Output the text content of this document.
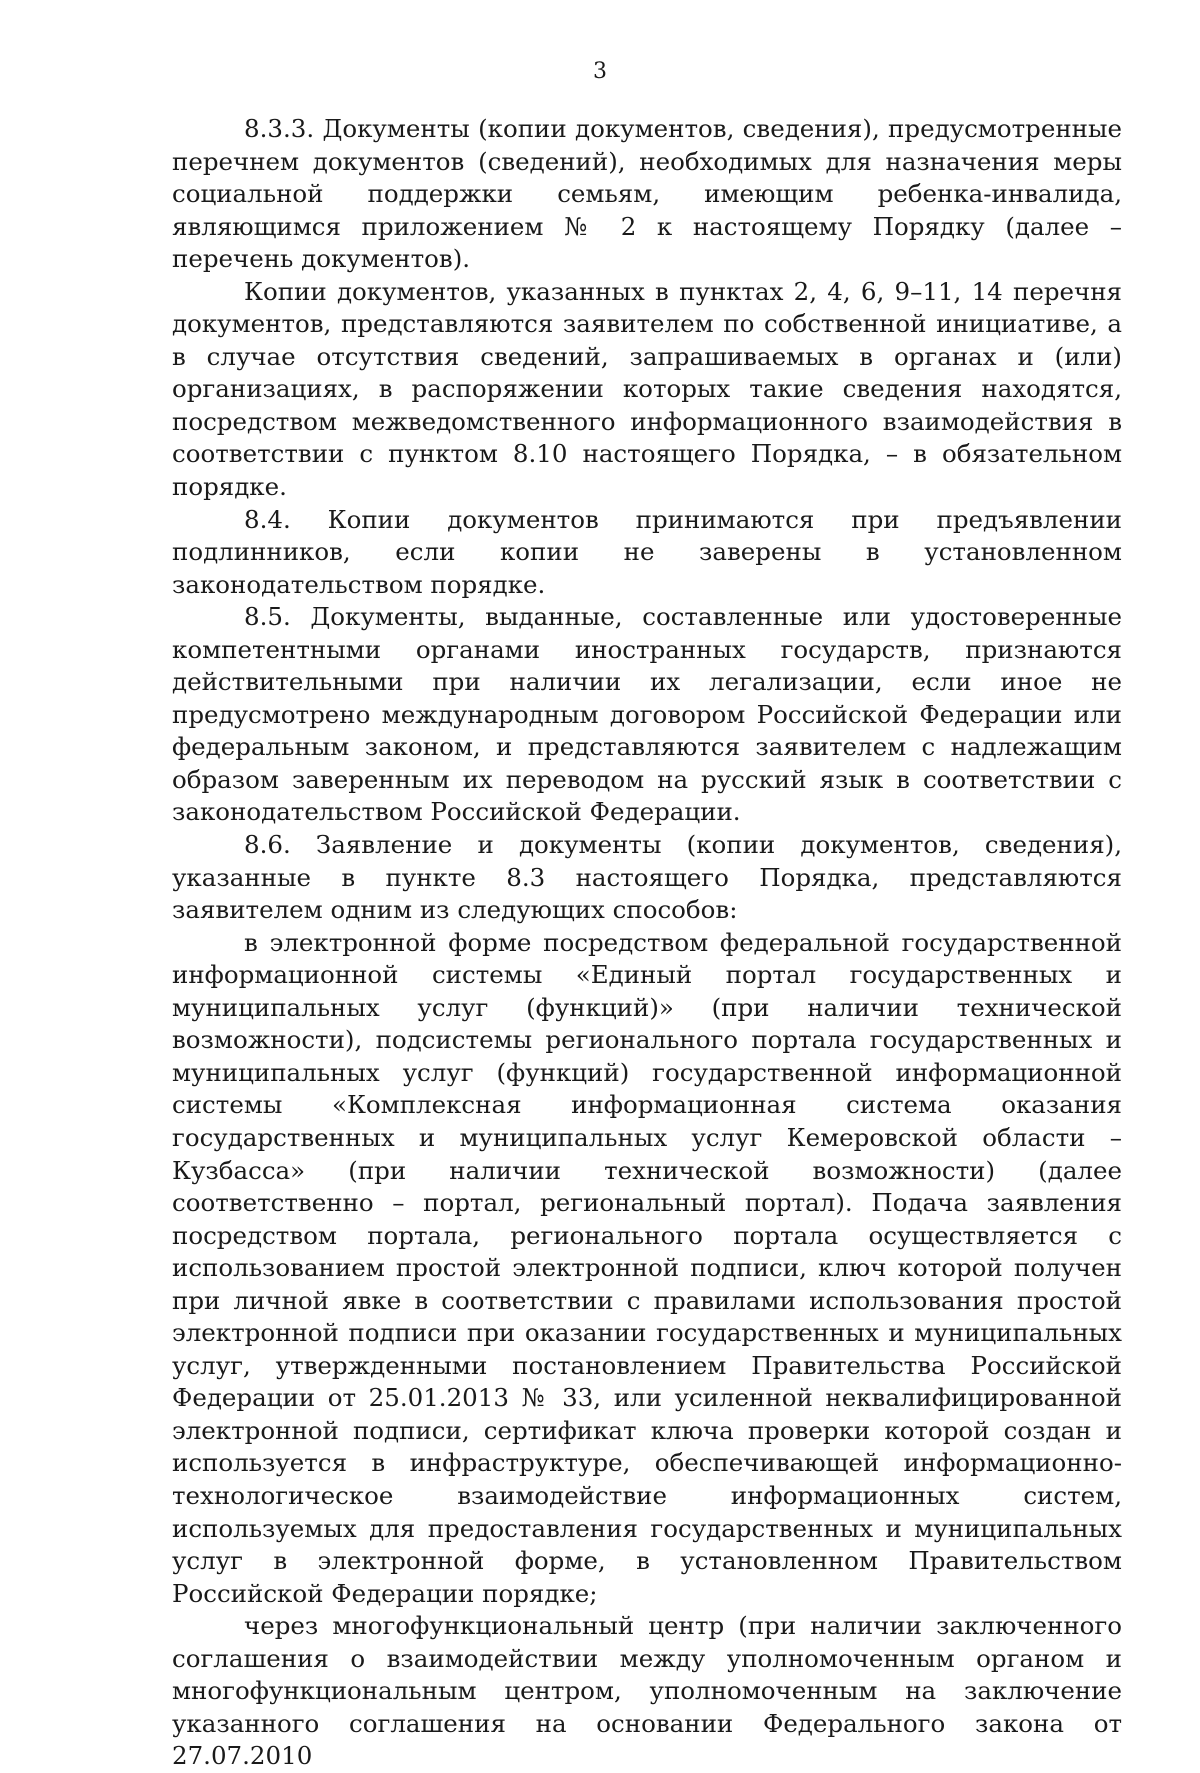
3

8.3.3. Документы (копии документов, сведения), предусмотренные перечнем документов (сведений), необходимых для назначения меры социальной поддержки семьям, имеющим ребенка-инвалида, являющимся приложением № 2 к настоящему Порядку (далее – перечень документов).

Копии документов, указанных в пунктах 2, 4, 6, 9–11, 14 перечня документов, представляются заявителем по собственной инициативе, а в случае отсутствия сведений, запрашиваемых в органах и (или) организациях, в распоряжении которых такие сведения находятся, посредством межведомственного информационного взаимодействия в соответствии с пунктом 8.10 настоящего Порядка, – в обязательном порядке.

8.4. Копии документов принимаются при предъявлении подлинников, если копии не заверены в установленном законодательством порядке.

8.5. Документы, выданные, составленные или удостоверенные компетентными органами иностранных государств, признаются действительными при наличии их легализации, если иное не предусмотрено международным договором Российской Федерации или федеральным законом, и представляются заявителем с надлежащим образом заверенным их переводом на русский язык в соответствии с законодательством Российской Федерации.

8.6. Заявление и документы (копии документов, сведения), указанные в пункте 8.3 настоящего Порядка, представляются заявителем одним из следующих способов:

в электронной форме посредством федеральной государственной информационной системы «Единый портал государственных и муниципальных услуг (функций)» (при наличии технической возможности), подсистемы регионального портала государственных и муниципальных услуг (функций) государственной информационной системы «Комплексная информационная система оказания государственных и муниципальных услуг Кемеровской области – Кузбасса» (при наличии технической возможности) (далее соответственно – портал, региональный портал). Подача заявления посредством портала, регионального портала осуществляется с использованием простой электронной подписи, ключ которой получен при личной явке в соответствии с правилами использования простой электронной подписи при оказании государственных и муниципальных услуг, утвержденными постановлением Правительства Российской Федерации от 25.01.2013 № 33, или усиленной неквалифицированной электронной подписи, сертификат ключа проверки которой создан и используется в инфраструктуре, обеспечивающей информационно-технологическое взаимодействие информационных систем, используемых для предоставления государственных и муниципальных услуг в электронной форме, в установленном Правительством Российской Федерации порядке;

через многофункциональный центр (при наличии заключенного соглашения о взаимодействии между уполномоченным органом и многофункциональным центром, уполномоченным на заключение указанного соглашения на основании Федерального закона от 27.07.2010
